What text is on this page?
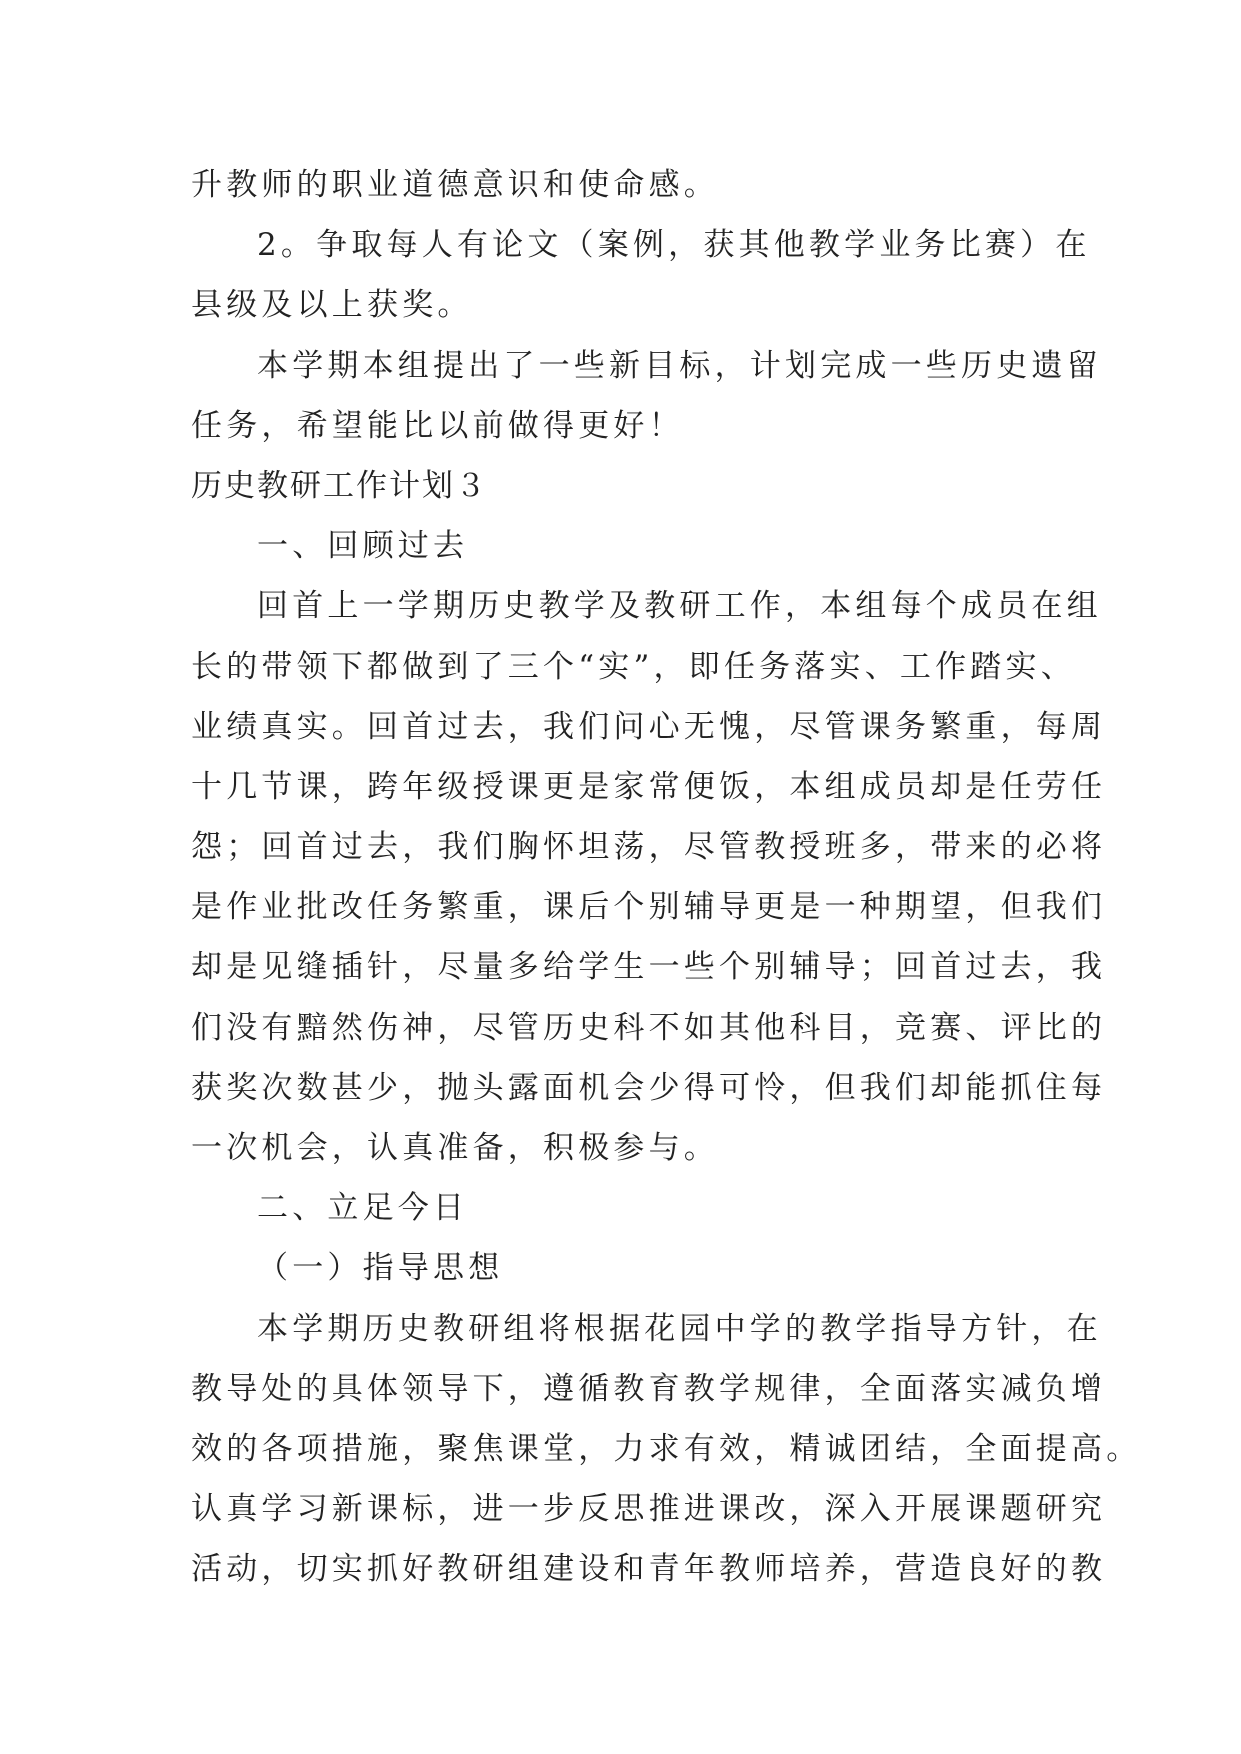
升教师的职业道德意识和使命感。
2。争取每人有论文（案例，获其他教学业务比赛）在
县级及以上获奖。
本学期本组提出了一些新目标，计划完成一些历史遗留
任务，希望能比以前做得更好！
历史教研工作计划３
一、回顾过去
回首上一学期历史教学及教研工作，本组每个成员在组
长的带领下都做到了三个“实”，即任务落实、工作踏实、
业绩真实。回首过去，我们问心无愧，尽管课务繁重，每周
十几节课，跨年级授课更是家常便饭，本组成员却是任劳任
怨；回首过去，我们胸怀坦荡，尽管教授班多，带来的必将
是作业批改任务繁重，课后个别辅导更是一种期望，但我们
却是见缝插针，尽量多给学生一些个别辅导；回首过去，我
们没有黯然伤神，尽管历史科不如其他科目，竞赛、评比的
获奖次数甚少，抛头露面机会少得可怜，但我们却能抓住每
一次机会，认真准备，积极参与。
二、立足今日
（一）指导思想
本学期历史教研组将根据花园中学的教学指导方针，在
教导处的具体领导下，遵循教育教学规律，全面落实减负增
效的各项措施，聚焦课堂，力求有效，精诚团结，全面提高。
认真学习新课标，进一步反思推进课改，深入开展课题研究
活动，切实抓好教研组建设和青年教师培养，营造良好的教
